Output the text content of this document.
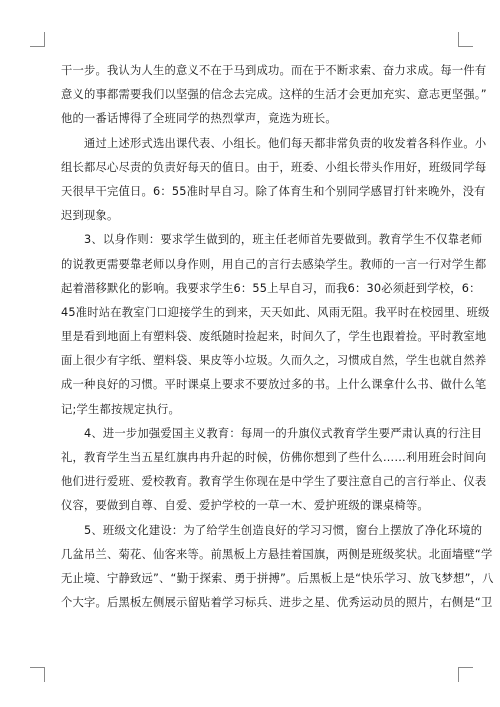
干一步。我认为人生的意义不在于马到成功。而在于不断求索、奋力求成。每一件有
意义的事都需要我们以坚强的信念去完成。这样的生活才会更加充实、意志更坚强。”
他的一番话博得了全班同学的热烈掌声，竟选为班长。
通过上述形式选出课代表、小组长。他们每天都非常负责的收发着各科作业。小
组长都尽心尽责的负责好每天的值日。由于，班委、小组长带头作用好，班级同学每
天很早干完值日。6：55准时早自习。除了体育生和个别同学感冒打针来晚外，没有
迟到现象。
3、以身作则：要求学生做到的，班主任老师首先要做到。教育学生不仅靠老师
的说教更需要靠老师以身作则，用自己的言行去感染学生。教师的一言一行对学生都
起着潜移默化的影响。我要求学生6：55上早自习，而我6：30必须赶到学校，6：
45准时站在教室门口迎接学生的到来，天天如此、风雨无阻。我平时在校园里、班级
里是看到地面上有塑料袋、废纸随时捡起来，时间久了，学生也跟着捡。平时教室地
面上很少有字纸、塑料袋、果皮等小垃圾。久而久之，习惯成自然，学生也就自然养
成一种良好的习惯。平时课桌上要求不要放过多的书。上什么课拿什么书、做什么笔
记;学生都按规定执行。
4、进一步加强爱国主义教育：每周一的升旗仪式教育学生要严肃认真的行注目
礼，教育学生当五星红旗冉冉升起的时候，仿佛你想到了些什么……利用班会时间向
他们进行爱班、爱校教育。教育学生你现在是中学生了要注意自己的言行举止、仪表
仪容，要做到自尊、自爱、爱护学校的一草一木、爱护班级的课桌椅等。
5、班级文化建设：为了给学生创造良好的学习习惯，窗台上摆放了净化环境的
几盆吊兰、菊花、仙客来等。前黑板上方悬挂着国旗，两侧是班级奖状。北面墙壁“学
无止境、宁静致远”、“勤于探索、勇于拼搏”。后黑板上是“快乐学习、放飞梦想”，八
个大字。后黑板左侧展示留贴着学习标兵、进步之星、优秀运动员的照片，右侧是“卫
